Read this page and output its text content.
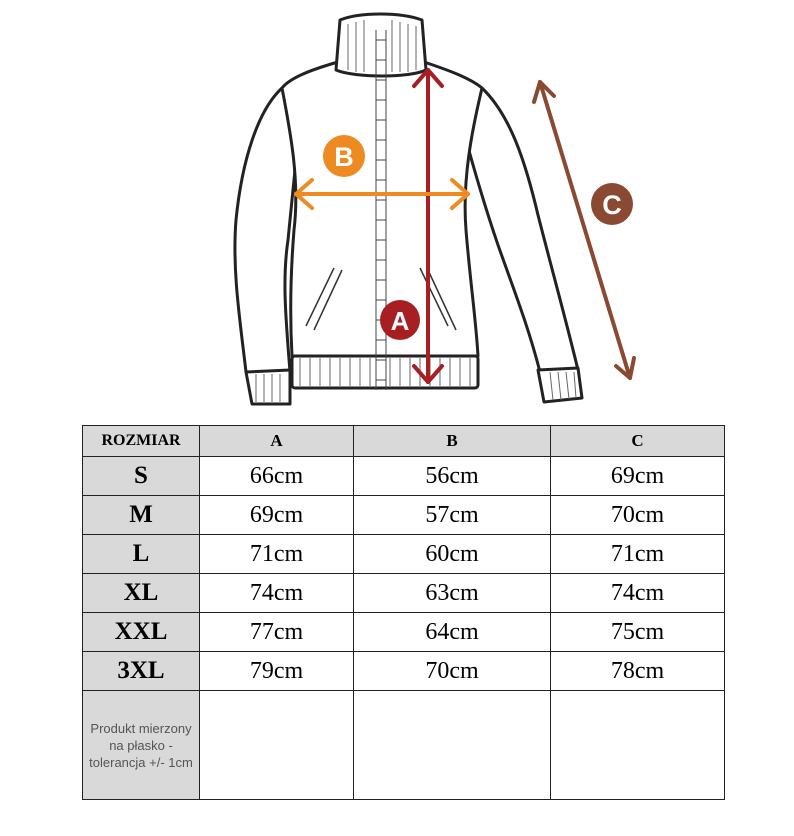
A
B
C
ROZMIAR	A	B	C
S	66cm	56cm	69cm
M	69cm	57cm	70cm
L	71cm	60cm	71cm
XL	74cm	63cm	74cm
XXL	77cm	64cm	75cm
3XL	79cm	70cm	78cm
Produkt mierzony na płasko - tolerancja +/- 1cm			
